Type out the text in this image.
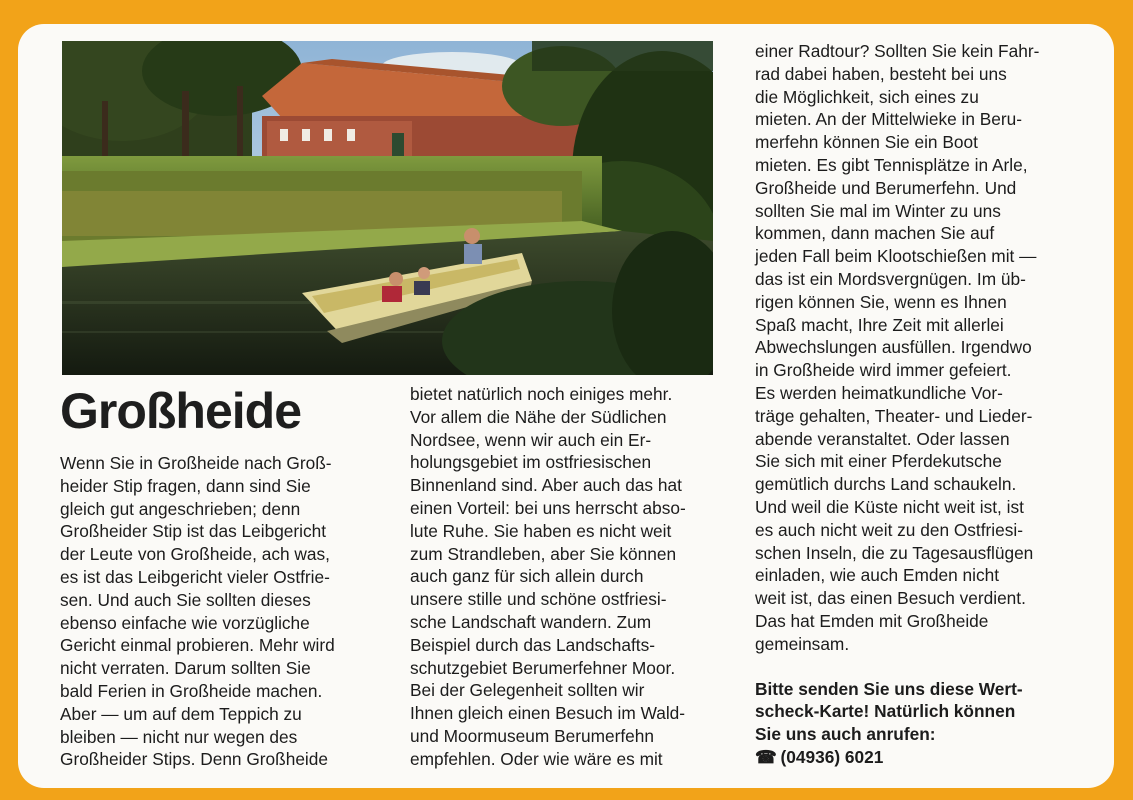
Großheide
Wenn Sie in Großheide nach Groß-
heider Stip fragen, dann sind Sie
gleich gut angeschrieben; denn
Großheider Stip ist das Leibgericht
der Leute von Großheide, ach was,
es ist das Leibgericht vieler Ostfrie-
sen. Und auch Sie sollten dieses
ebenso einfache wie vorzügliche
Gericht einmal probieren. Mehr wird
nicht verraten. Darum sollten Sie
bald Ferien in Großheide machen.
Aber — um auf dem Teppich zu
bleiben — nicht nur wegen des
Großheider Stips. Denn Großheide
bietet natürlich noch einiges mehr.
Vor allem die Nähe der Südlichen
Nordsee, wenn wir auch ein Er-
holungsgebiet im ostfriesischen
Binnenland sind. Aber auch das hat
einen Vorteil: bei uns herrscht abso-
lute Ruhe. Sie haben es nicht weit
zum Strandleben, aber Sie können
auch ganz für sich allein durch
unsere stille und schöne ostfriesi-
sche Landschaft wandern. Zum
Beispiel durch das Landschafts-
schutzgebiet Berumerfehner Moor.
Bei der Gelegenheit sollten wir
Ihnen gleich einen Besuch im Wald-
und Moormuseum Berumerfehn
empfehlen. Oder wie wäre es mit
einer Radtour? Sollten Sie kein Fahr-
rad dabei haben, besteht bei uns
die Möglichkeit, sich eines zu
mieten. An der Mittelwieke in Beru-
merfehn können Sie ein Boot
mieten. Es gibt Tennisplätze in Arle,
Großheide und Berumerfehn. Und
sollten Sie mal im Winter zu uns
kommen, dann machen Sie auf
jeden Fall beim Klootschießen mit —
das ist ein Mordsvergnügen. Im üb-
rigen können Sie, wenn es Ihnen
Spaß macht, Ihre Zeit mit allerlei
Abwechslungen ausfüllen. Irgendwo
in Großheide wird immer gefeiert.
Es werden heimatkundliche Vor-
träge gehalten, Theater- und Lieder-
abende veranstaltet. Oder lassen
Sie sich mit einer Pferdekutsche
gemütlich durchs Land schaukeln.
Und weil die Küste nicht weit ist, ist
es auch nicht weit zu den Ostfriesi-
schen Inseln, die zu Tagesausflügen
einladen, wie auch Emden nicht
weit ist, das einen Besuch verdient.
Das hat Emden mit Großheide
gemeinsam.
Bitte senden Sie uns diese Wert-
scheck-Karte! Natürlich können
Sie uns auch anrufen:
☎ (04936) 6021
